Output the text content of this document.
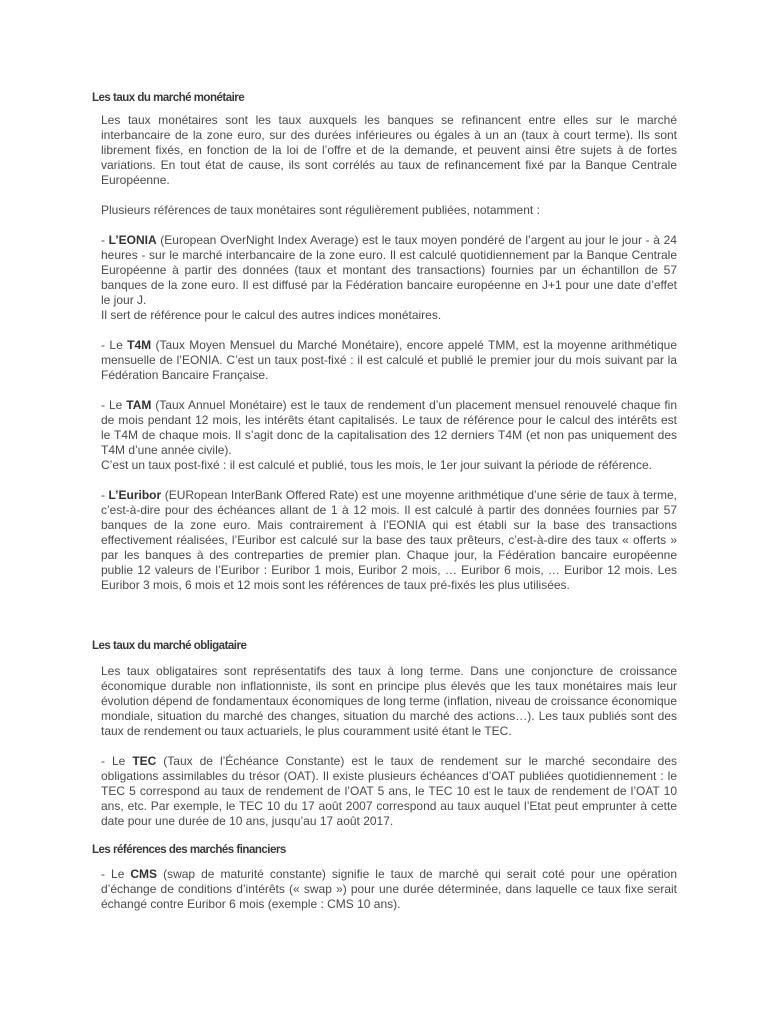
Les taux du marché monétaire

Les taux monétaires sont les taux auxquels les banques se refinancent entre elles sur le marché interbancaire de la zone euro, sur des durées inférieures ou égales à un an (taux à court terme). Ils sont librement fixés, en fonction de la loi de l’offre et de la demande, et peuvent ainsi être sujets à de fortes variations. En tout état de cause, ils sont corrélés au taux de refinancement fixé par la Banque Centrale Européenne.

Plusieurs références de taux monétaires sont régulièrement publiées, notamment :

- L’EONIA (European OverNight Index Average) est le taux moyen pondéré de l’argent au jour le jour - à 24 heures - sur le marché interbancaire de la zone euro. Il est calculé quotidiennement par la Banque Centrale Européenne à partir des données (taux et montant des transactions) fournies par un échantillon de 57 banques de la zone euro. Il est diffusé par la Fédération bancaire européenne en J+1 pour une date d’effet le jour J.

Il sert de référence pour le calcul des autres indices monétaires.

- Le T4M (Taux Moyen Mensuel du Marché Monétaire), encore appelé TMM, est la moyenne arithmétique mensuelle de l’EONIA. C’est un taux post-fixé : il est calculé et publié le premier jour du mois suivant par la Fédération Bancaire Française.

- Le TAM (Taux Annuel Monétaire) est le taux de rendement d’un placement mensuel renouvelé chaque fin de mois pendant 12 mois, les intérêts étant capitalisés. Le taux de référence pour le calcul des intérêts est le T4M de chaque mois. Il s’agit donc de la capitalisation des 12 derniers T4M (et non pas uniquement des T4M d’une année civile).

C’est un taux post-fixé : il est calculé et publié, tous les mois, le 1er jour suivant la période de référence.

- L’Euribor (EURopean InterBank Offered Rate) est une moyenne arithmétique d’une série de taux à terme, c’est-à-dire pour des échéances allant de 1 à 12 mois. Il est calculé à partir des données fournies par 57 banques de la zone euro. Mais contrairement à l’EONIA qui est établi sur la base des transactions effectivement réalisées, l’Euribor est calculé sur la base des taux prêteurs, c’est-à-dire des taux « offerts » par les banques à des contreparties de premier plan. Chaque jour, la Fédération bancaire européenne publie 12 valeurs de l’Euribor : Euribor 1 mois, Euribor 2 mois, … Euribor 6 mois, … Euribor 12 mois. Les Euribor 3 mois, 6 mois et 12 mois sont les références de taux pré-fixés les plus utilisées.

Les taux du marché obligataire

Les taux obligataires sont représentatifs des taux à long terme. Dans une conjoncture de croissance économique durable non inflationniste, ils sont en principe plus élevés que les taux monétaires mais leur évolution dépend de fondamentaux économiques de long terme (inflation, niveau de croissance économique mondiale, situation du marché des changes, situation du marché des actions…). Les taux publiés sont des taux de rendement ou taux actuariels, le plus couramment usité étant le TEC.

- Le TEC (Taux de l’Échéance Constante) est le taux de rendement sur le marché secondaire des obligations assimilables du trésor (OAT). Il existe plusieurs échéances d’OAT publiées quotidiennement : le TEC 5 correspond au taux de rendement de l’OAT 5 ans, le TEC 10 est le taux de rendement de l’OAT 10 ans, etc. Par exemple, le TEC 10 du 17 août 2007 correspond au taux auquel l’Etat peut emprunter à cette date pour une durée de 10 ans, jusqu’au 17 août 2017.

Les références des marchés financiers

- Le CMS (swap de maturité constante) signifie le taux de marché qui serait coté pour une opération d’échange de conditions d’intérêts (« swap ») pour une durée déterminée, dans laquelle ce taux fixe serait échangé contre Euribor 6 mois (exemple : CMS 10 ans).
